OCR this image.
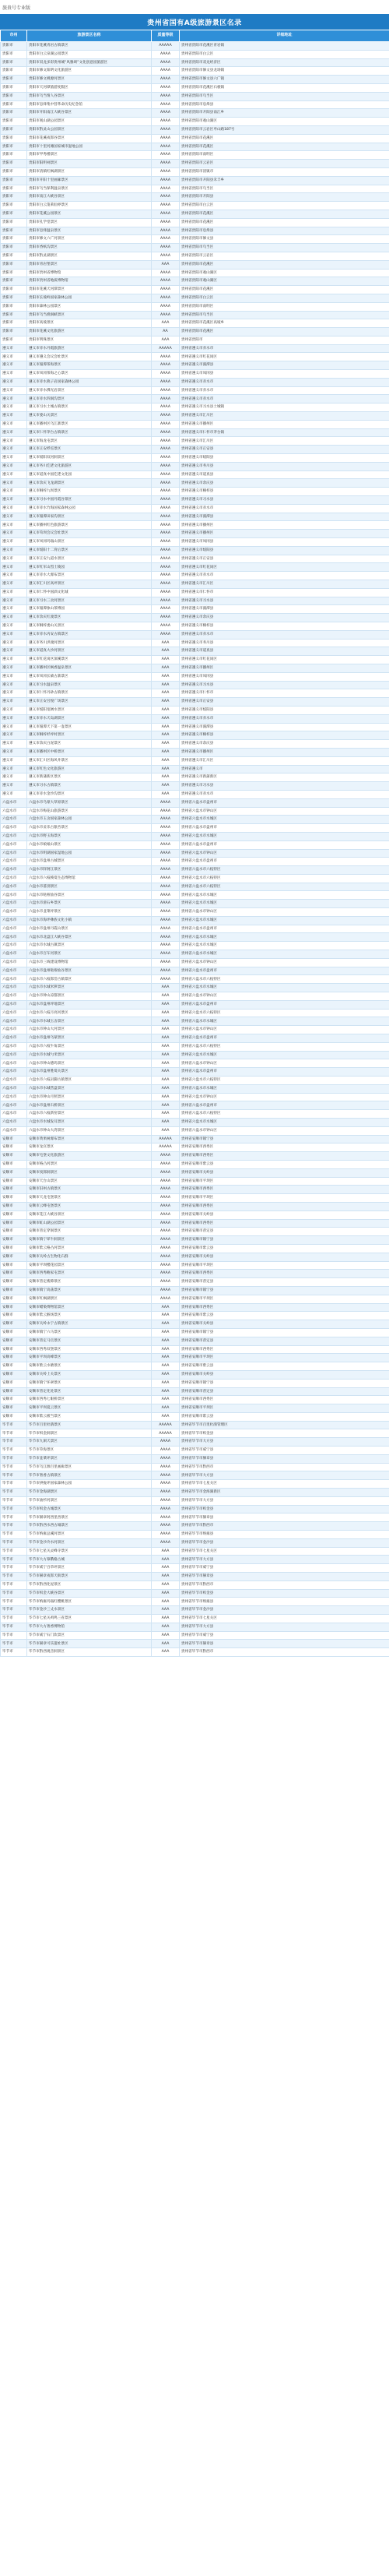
旅贵号专业版
贵州省国有A级旅游景区名录
市州	旅游景区名称	质量等级	详细地址
贵阳市	贵阳市花溪青岩古镇景区	AAAAA	贵州省贵阳市花溪区青岩镇
贵阳市	贵阳市白云泉湖公园景区	AAAA	贵州省贵阳市白云区
贵阳市	贵阳市双龙多彩贵州城“风雅颂”文化创意园旅游区	AAAA	贵州省贵阳市双龙经济区
贵阳市	贵阳市修文阳明文化旅游区	AAAA	贵州省贵阳市修文县龙场镇
贵阳市	贵阳市修文桃源河景区	AAAA	贵州省贵阳市修文县六广镇
贵阳市	贵阳市天河潭旅游度假区	AAAA	贵州省贵阳市花溪区石板镇
贵阳市	贵阳市乌当情人谷景区	AAAA	贵州省贵阳市乌当区
贵阳市	贵阳市息烽集中营革命历史纪念馆	AAAA	贵州省贵阳市息烽县
贵阳市	贵阳市开阳南江大峡谷景区	AAAA	贵州省贵阳市开阳县南江乡
贵阳市	贵阳市观山湖公园景区	AAAA	贵州省贵阳市观山湖区
贵阳市	贵阳市黔灵山公园景区	AAAA	贵州省贵阳市云岩区枣山路187号
贵阳市	贵阳市花溪夜郎谷景区	AAAA	贵州省贵阳市花溪区
贵阳市	贵阳市十里河滩国家城市湿地公园	AAAA	贵州省贵阳市花溪区
贵阳市	贵阳市甲秀楼景区	AAAA	贵州省贵阳市南明区
贵阳市	贵阳市阳明祠景区	AAAA	贵州省贵阳市云岩区
贵阳市	贵阳市清镇红枫湖景区	AAAA	贵州省贵阳市清镇市
贵阳市	贵阳市开阳十里画廊景区	AAAA	贵州省贵阳市开阳县禾丰乡
贵阳市	贵阳市乌当保利温泉景区	AAAA	贵州省贵阳市乌当区
贵阳市	贵阳市南江大峡谷景区	AAAA	贵州省贵阳市开阳县
贵阳市	贵阳市白云蓬莱仙界景区	AAAA	贵州省贵阳市白云区
贵阳市	贵阳市花溪公园景区	AAAA	贵州省贵阳市花溪区
贵阳市	贵阳市孔学堂景区	AAAA	贵州省贵阳市花溪区
贵阳市	贵阳市息烽温泉景区	AAAA	贵州省贵阳市息烽县
贵阳市	贵阳市修文六广河景区	AAAA	贵州省贵阳市修文县
贵阳市	贵阳市香纸沟景区	AAAA	贵州省贵阳市乌当区
贵阳市	贵阳市黔灵湖景区	AAAA	贵州省贵阳市云岩区
贵阳市	贵阳市青岩堡景区	AAA	贵州省贵阳市花溪区
贵阳市	贵阳市贵州省博物馆	AAAA	贵州省贵阳市观山湖区
贵阳市	贵阳市贵州省地质博物馆	AAAA	贵州省贵阳市观山湖区
贵阳市	贵阳市花溪天河潭景区	AAAA	贵州省贵阳市花溪区
贵阳市	贵阳市长坡岭国家森林公园	AAAA	贵州省贵阳市白云区
贵阳市	贵阳市森林公园景区	AAAA	贵州省贵阳市南明区
贵阳市	贵阳市乌当渔洞峡景区	AAAA	贵州省贵阳市乌当区
贵阳市	贵阳市高坡景区	AAA	贵州省贵阳市花溪区高坡乡
贵阳市	贵阳市花溪文化旅游区	AA	贵州省贵阳市花溪区
贵阳市	贵阳市明珠景区	AAA	贵州省贵阳市
遵义市	遵义市赤水丹霞旅游区	AAAAA	贵州省遵义市赤水市
遵义市	遵义市遵义会议会址景区	AAAA	贵州省遵义市红花岗区
遵义市	遵义市湄潭茶海景区	AAAA	贵州省遵义市湄潭县
遵义市	遵义市凤冈茶海之心景区	AAAA	贵州省遵义市凤冈县
遵义市	遵义市赤水燕子岩国家森林公园	AAAA	贵州省遵义市赤水市
遵义市	遵义市赤水佛光岩景区	AAAA	贵州省遵义市赤水市
遵义市	遵义市赤水四洞沟景区	AAAA	贵州省遵义市赤水市
遵义市	遵义市习水土城古镇景区	AAAA	贵州省遵义市习水县土城镇
遵义市	遵义市娄山关景区	AAAA	贵州省遵义市汇川区
遵义市	遵义市播州区乌江寨景区	AAAA	贵州省遵义市播州区
遵义市	遵义市仁怀茅台古镇景区	AAAA	贵州省遵义市仁怀市茅台镇
遵义市	遵义市海龙屯景区	AAAA	贵州省遵义市汇川区
遵义市	遵义市正安桴焉景区	AAAA	贵州省遵义市正安县
遵义市	遵义市绥阳双河洞景区	AAAA	贵州省遵义市绥阳县
遵义市	遵义市务川仡佬文化旅游区	AAAA	贵州省遵义市务川县
遵义市	遵义市道真中国仡佬文化园	AAAA	贵州省遵义市道真县
遵义市	遵义市余庆飞龙湖景区	AAAA	贵州省遵义市余庆县
遵义市	遵义市桐梓九坝景区	AAAA	贵州省遵义市桐梓县
遵义市	遵义市习水中国丹霞谷景区	AAAA	贵州省遵义市习水县
遵义市	遵义市赤水竹海国家森林公园	AAAA	贵州省遵义市赤水市
遵义市	遵义市湄潭田家沟景区	AAAA	贵州省遵义市湄潭县
遵义市	遵义市播州红色旅游景区	AAAA	贵州省遵义市播州区
遵义市	遵义市苟坝会议会址景区	AAAA	贵州省遵义市播州区
遵义市	遵义市凤冈玛瑙山景区	AAAA	贵州省遵义市凤冈县
遵义市	遵义市绥阳十二背后景区	AAAA	贵州省遵义市绥阳县
遵义市	遵义市正安九道水景区	AAAA	贵州省遵义市正安县
遵义市	遵义市红军山烈士陵园	AAAA	贵州省遵义市红花岗区
遵义市	遵义市赤水大瀑布景区	AAAA	贵州省遵义市赤水市
遵义市	遵义市汇川区高坪景区	AAAA	贵州省遵义市汇川区
遵义市	遵义市仁怀中国酒文化城	AAAA	贵州省遵义市仁怀市
遵义市	遵义市习水三岔河景区	AAAA	贵州省遵义市习水县
遵义市	遵义市湄潭象山茶博园	AAAA	贵州省遵义市湄潭县
遵义市	遵义市余庆红渡景区	AAAA	贵州省遵义市余庆县
遵义市	遵义市桐梓娄山关景区	AAAA	贵州省遵义市桐梓县
遵义市	遵义市赤水丙安古镇景区	AAAA	贵州省遵义市赤水市
遵义市	遵义市务川洪渡河景区	AAA	贵州省遵义市务川县
遵义市	遵义市道真大沙河景区	AAA	贵州省遵义市道真县
遵义市	遵义市红花岗区深溪景区	AAA	贵州省遵义市红花岗区
遵义市	遵义市播州区枫香温泉景区	AAA	贵州省遵义市播州区
遵义市	遵义市凤冈长碛古寨景区	AAA	贵州省遵义市凤冈县
遵义市	遵义市习水温泉景区	AAA	贵州省遵义市习水县
遵义市	遵义市仁怀丹砂古镇景区	AAA	贵州省遵义市仁怀市
遵义市	遵义市正安吾悦广场景区	AAA	贵州省遵义市正安县
遵义市	遵义市绥阳宽阔水景区	AAA	贵州省遵义市绥阳县
遵义市	遵义市赤水天岛湖景区	AAA	贵州省遵义市赤水市
遵义市	遵义市湄潭天下第一壶景区	AAA	贵州省遵义市湄潭县
遵义市	遵义市桐梓杉坪村景区	AAA	贵州省遵义市桐梓县
遵义市	遵义市余庆白泥景区	AAA	贵州省遵义市余庆县
遵义市	遵义市播州区中桥景区	AAA	贵州省遵义市播州区
遵义市	遵义市汇川区海风井景区	AAA	贵州省遵义市汇川区
遵义市	遵义市红色文化旅游区	AAA	贵州省遵义市
遵义市	遵义市新蒲新区景区	AAA	贵州省遵义市新蒲新区
遵义市	遵义市习水古镇景区	AAA	贵州省遵义市习水县
遵义市	遵义市赤水金沙沟景区	AAA	贵州省遵义市赤水市
六盘水市	六盘水市乌蒙大草原景区	AAAA	贵州省六盘水市盘州市
六盘水市	六盘水市梅花山旅游景区	AAAA	贵州省六盘水市钟山区
六盘水市	六盘水市玉舍国家森林公园	AAAA	贵州省六盘水市水城区
六盘水市	六盘水市妥乐古银杏景区	AAAA	贵州省六盘水市盘州市
六盘水市	六盘水市野玉海景区	AAAA	贵州省六盘水市水城区
六盘水市	六盘水市娘娘山景区	AAAA	贵州省六盘水市盘州市
六盘水市	六盘水市明湖国家湿地公园	AAAA	贵州省六盘水市钟山区
六盘水市	六盘水市盘州古城景区	AAAA	贵州省六盘水市盘州市
六盘水市	六盘水市牂牁江景区	AAAA	贵州省六盘水市六枝特区
六盘水市	六盘水市六枝梭戛生态博物馆	AAAA	贵州省六盘水市六枝特区
六盘水市	六盘水市落别景区	AAAA	贵州省六盘水市六枝特区
六盘水市	六盘水市哒啦仙谷景区	AAAA	贵州省六盘水市水城区
六盘水市	六盘水市滑石乡景区	AAAA	贵州省六盘水市水城区
六盘水市	六盘水市韭菜坪景区	AAAA	贵州省六盘水市钟山区
六盘水市	六盘水市海坪彝族文化小镇	AAAA	贵州省六盘水市水城区
六盘水市	六盘水市盘州丹霞山景区	AAAA	贵州省六盘水市盘州市
六盘水市	六盘水市北盘江大峡谷景区	AAAA	贵州省六盘水市水城区
六盘水市	六盘水市水城古镇景区	AAAA	贵州省六盘水市水城区
六盘水市	六盘水市百车河景区	AAAA	贵州省六盘水市水城区
六盘水市	六盘水市三线建设博物馆	AAAA	贵州省六盘水市钟山区
六盘水市	六盘水市盘州哒啦仙谷景区	AAAA	贵州省六盘水市盘州市
六盘水市	六盘水市六枝郎岱古镇景区	AAAA	贵州省六盘水市六枝特区
六盘水市	六盘水市水城米箩景区	AAA	贵州省六盘水市水城区
六盘水市	六盘水市钟山凉都景区	AAA	贵州省六盘水市钟山区
六盘水市	六盘水市盘州坪地景区	AAA	贵州省六盘水市盘州市
六盘水市	六盘水市六枝月亮河景区	AAA	贵州省六盘水市六枝特区
六盘水市	六盘水市水城玉舍景区	AAA	贵州省六盘水市水城区
六盘水市	六盘水市钟山大河景区	AAA	贵州省六盘水市钟山区
六盘水市	六盘水市盘州乌蒙景区	AAA	贵州省六盘水市盘州市
六盘水市	六盘水市六枝牛角景区	AAA	贵州省六盘水市六枝特区
六盘水市	六盘水市水城勺米景区	AAA	贵州省六盘水市水城区
六盘水市	六盘水市钟山德坞景区	AAA	贵州省六盘水市钟山区
六盘水市	六盘水市盘州胜境关景区	AAA	贵州省六盘水市盘州市
六盘水市	六盘水市六枝岩脚古镇景区	AAA	贵州省六盘水市六枝特区
六盘水市	六盘水市水城营盘景区	AAA	贵州省六盘水市水城区
六盘水市	六盘水市钟山月照景区	AAA	贵州省六盘水市钟山区
六盘水市	六盘水市盘州石桥景区	AAA	贵州省六盘水市盘州市
六盘水市	六盘水市六枝新窑景区	AAA	贵州省六盘水市六枝特区
六盘水市	六盘水市水城发耳景区	AAA	贵州省六盘水市水城区
六盘水市	六盘水市钟山大湾景区	AAA	贵州省六盘水市钟山区
安顺市	安顺市黄果树瀑布景区	AAAAA	贵州省安顺市镇宁县
安顺市	安顺市龙宫景区	AAAAA	贵州省安顺市西秀区
安顺市	安顺市屯堡文化旅游区	AAAA	贵州省安顺市西秀区
安顺市	安顺市格凸河景区	AAAA	贵州省安顺市紫云县
安顺市	安顺市夜郎洞景区	AAAA	贵州省安顺市关岭县
安顺市	安顺市天台山景区	AAAA	贵州省安顺市平坝区
安顺市	安顺市旧州古镇景区	AAAA	贵州省安顺市西秀区
安顺市	安顺市天龙屯堡景区	AAAA	贵州省安顺市平坝区
安顺市	安顺市云峰屯堡景区	AAAA	贵州省安顺市西秀区
安顺市	安顺市花江大峡谷景区	AAAA	贵州省安顺市关岭县
安顺市	安顺市虹山湖公园景区	AAAA	贵州省安顺市西秀区
安顺市	安顺市普定穿洞景区	AAAA	贵州省安顺市普定县
安顺市	安顺市镇宁犀牛洞景区	AAAA	贵州省安顺市镇宁县
安顺市	安顺市紫云格凸河景区	AAAA	贵州省安顺市紫云县
安顺市	安顺市关岭古生物化石群	AAAA	贵州省安顺市关岭县
安顺市	安顺市平坝樱花园景区	AAAA	贵州省安顺市平坝区
安顺市	安顺市西秀鲍家屯景区	AAAA	贵州省安顺市西秀区
安顺市	安顺市普定梭筛景区	AAAA	贵州省安顺市普定县
安顺市	安顺市镇宁高荡景区	AAAA	贵州省安顺市镇宁县
安顺市	安顺市红枫湖景区	AAAA	贵州省安顺市平坝区
安顺市	安顺市蜡染博物馆景区	AAA	贵州省安顺市西秀区
安顺市	安顺市紫云猴场景区	AAA	贵州省安顺市紫云县
安顺市	安顺市关岭永宁古镇景区	AAA	贵州省安顺市关岭县
安顺市	安顺市镇宁六马景区	AAA	贵州省安顺市镇宁县
安顺市	安顺市普定马官景区	AAA	贵州省安顺市普定县
安顺市	安顺市西秀双堡景区	AAA	贵州省安顺市西秀区
安顺市	安顺市平坝高峰景区	AAA	贵州省安顺市平坝区
安顺市	安顺市紫云水塘景区	AAA	贵州省安顺市紫云县
安顺市	安顺市关岭上关景区	AAA	贵州省安顺市关岭县
安顺市	安顺市镇宁环翠景区	AAA	贵州省安顺市镇宁县
安顺市	安顺市普定化处景区	AAA	贵州省安顺市普定县
安顺市	安顺市西秀七眼桥景区	AAA	贵州省安顺市西秀区
安顺市	安顺市平坝夏云景区	AAA	贵州省安顺市平坝区
安顺市	安顺市紫云板当景区	AAA	贵州省安顺市紫云县
毕节市	毕节市百里杜鹃景区	AAAAA	贵州省毕节市百里杜鹃管理区
毕节市	毕节市织金洞景区	AAAAA	贵州省毕节市织金县
毕节市	毕节市九洞天景区	AAAA	贵州省毕节市大方县
毕节市	毕节市草海景区	AAAA	贵州省毕节市威宁县
毕节市	毕节市韭菜坪景区	AAAA	贵州省毕节市赫章县
毕节市	毕节市乌江源百里画廊景区	AAAA	贵州省毕节市黔西市
毕节市	毕节市奢香古镇景区	AAAA	贵州省毕节市大方县
毕节市	毕节市拱拢坪国家森林公园	AAAA	贵州省毕节市七星关区
毕节市	毕节市金海湖景区	AAAA	贵州省毕节市金海湖新区
毕节市	毕节市油杉河景区	AAAA	贵州省毕节市大方县
毕节市	毕节市织金古城景区	AAAA	贵州省毕节市织金县
毕节市	毕节市赫章阿西里西景区	AAAA	贵州省毕节市赫章县
毕节市	毕节市黔西水西古城景区	AAAA	贵州省毕节市黔西市
毕节市	毕节市纳雍总溪河景区	AAAA	贵州省毕节市纳雍县
毕节市	毕节市金沙冷水河景区	AAAA	贵州省毕节市金沙县
毕节市	毕节市七星关灵峰寺景区	AAA	贵州省毕节市七星关区
毕节市	毕节市大方慕俄格古城	AAA	贵州省毕节市大方县
毕节市	毕节市威宁百草坪景区	AAA	贵州省毕节市威宁县
毕节市	毕节市赫章夜郎天街景区	AAA	贵州省毕节市赫章县
毕节市	毕节市黔西化屋景区	AAA	贵州省毕节市黔西市
毕节市	毕节市织金大峡谷景区	AAA	贵州省毕节市织金县
毕节市	毕节市纳雍玛瑙红樱桃景区	AAA	贵州省毕节市纳雍县
毕节市	毕节市金沙三丈水景区	AAA	贵州省毕节市金沙县
毕节市	毕节市七星关鸡鸣三省景区	AAA	贵州省毕节市七星关区
毕节市	毕节市大方奢香博物馆	AAA	贵州省毕节市大方县
毕节市	毕节市威宁石门坎景区	AAA	贵州省毕节市威宁县
毕节市	毕节市赫章可乐遗址景区	AAA	贵州省毕节市赫章县
毕节市	毕节市黔西观音洞景区	AAA	贵州省毕节市黔西市
